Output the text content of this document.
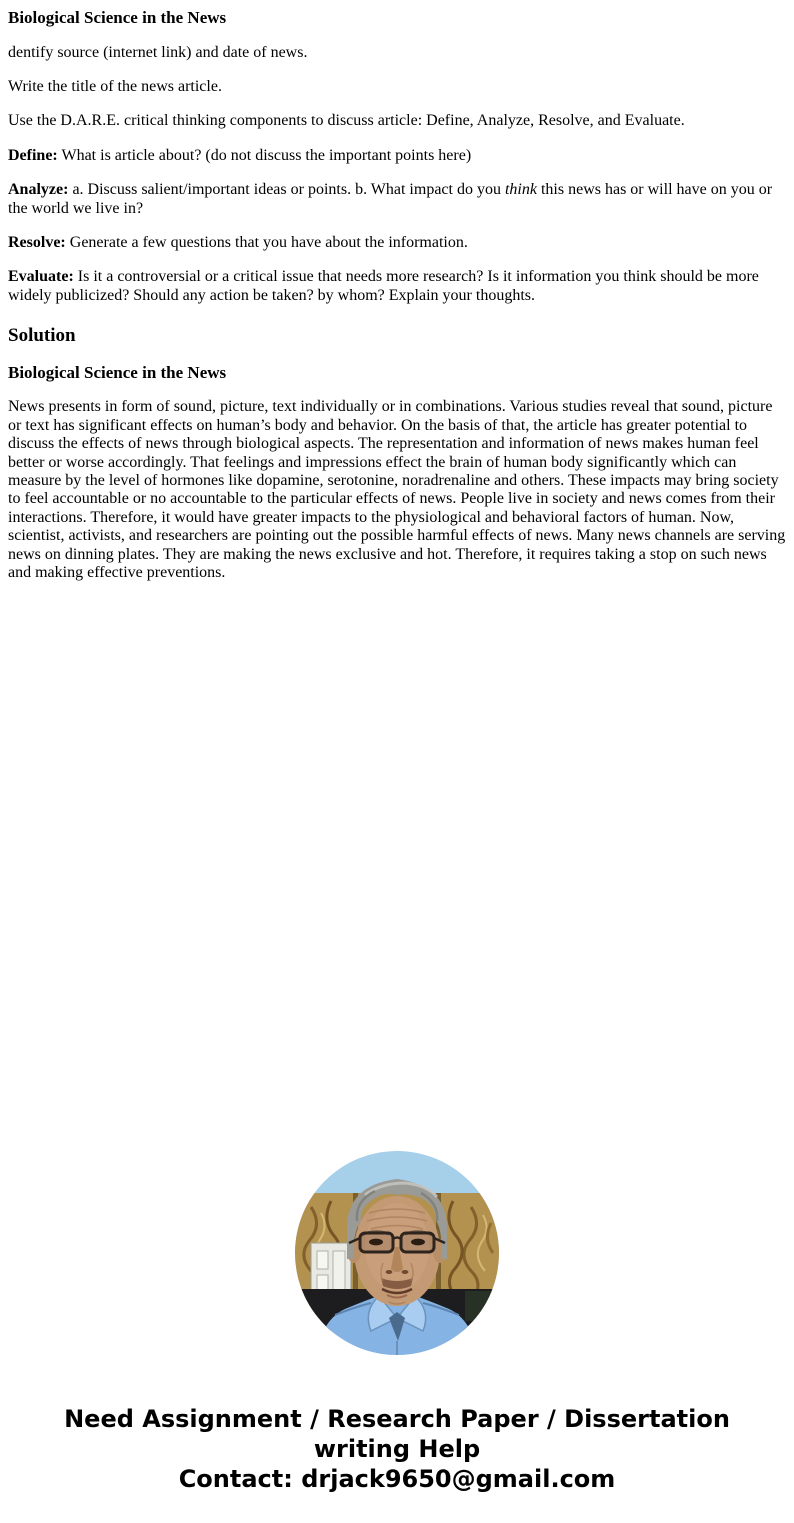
Biological Science in the News

dentify source (internet link) and date of news.

Write the title of the news article.

Use the D.A.R.E. critical thinking components to discuss article: Define, Analyze, Resolve, and Evaluate.

Define: What is article about? (do not discuss the important points here)

Analyze: a. Discuss salient/important ideas or points. b. What impact do you think this news has or will have on you or the world we live in?

Resolve: Generate a few questions that you have about the information.

Evaluate: Is it a controversial or a critical issue that needs more research? Is it information you think should be more widely publicized? Should any action be taken? by whom? Explain your thoughts.

Solution

Biological Science in the News

News presents in form of sound, picture, text individually or in combinations. Various studies reveal that sound, picture or text has significant effects on human’s body and behavior. On the basis of that, the article has greater potential to discuss the effects of news through biological aspects. The representation and information of news makes human feel better or worse accordingly. That feelings and impressions effect the brain of human body significantly which can measure by the level of hormones like dopamine, serotonine, noradrenaline and others. These impacts may bring society to feel accountable or no accountable to the particular effects of news. People live in society and news comes from their interactions. Therefore, it would have greater impacts to the physiological and behavioral factors of human. Now, scientist, activists, and researchers are pointing out the possible harmful effects of news. Many news channels are serving news on dinning plates. They are making the news exclusive and hot. Therefore, it requires taking a stop on such news and making effective preventions.

Need Assignment / Research Paper / Dissertation
writing Help
Contact: drjack9650@gmail.com
